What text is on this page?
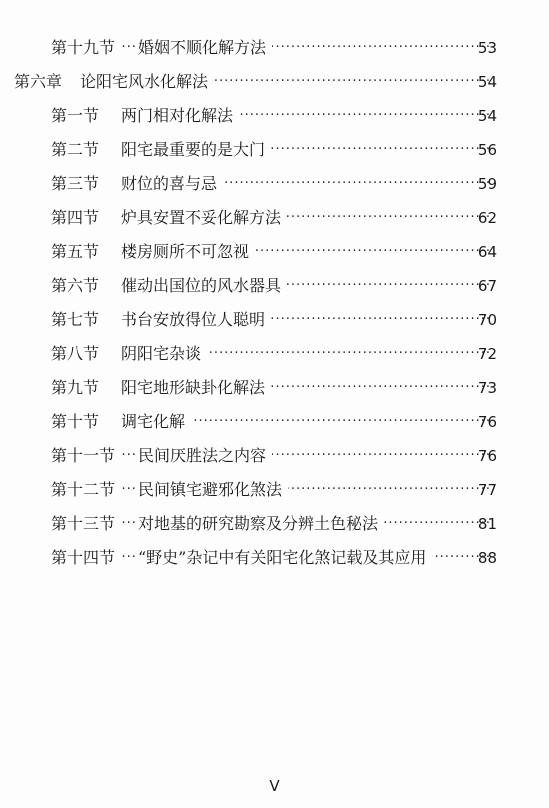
第十九节 ····· 婚姻不顺化解方法	53
第六章 ····· 论阳宅风水化解法	54
第一节 ····· 两门相对化解法	54
第二节 ····· 阳宅最重要的是大门	56
第三节 ····· 财位的喜与忌	59
第四节 ····· 炉具安置不妥化解方法	62
第五节 ····· 楼房厕所不可忽视	64
第六节 ····· 催动出国位的风水器具	67
第七节 ····· 书台安放得位人聪明	70
第八节 ····· 阴阳宅杂谈	72
第九节 ····· 阳宅地形缺卦化解法	73
第十节 ····· 调宅化解	76
第十一节 ····· 民间厌胜法之内容	76
第十二节 ····· 民间镇宅避邪化煞法	77
第十三节 ····· 对地基的研究勘察及分辨土色秘法	81
第十四节 ····· “野史”杂记中有关阳宅化煞记载及其应用	88
V
